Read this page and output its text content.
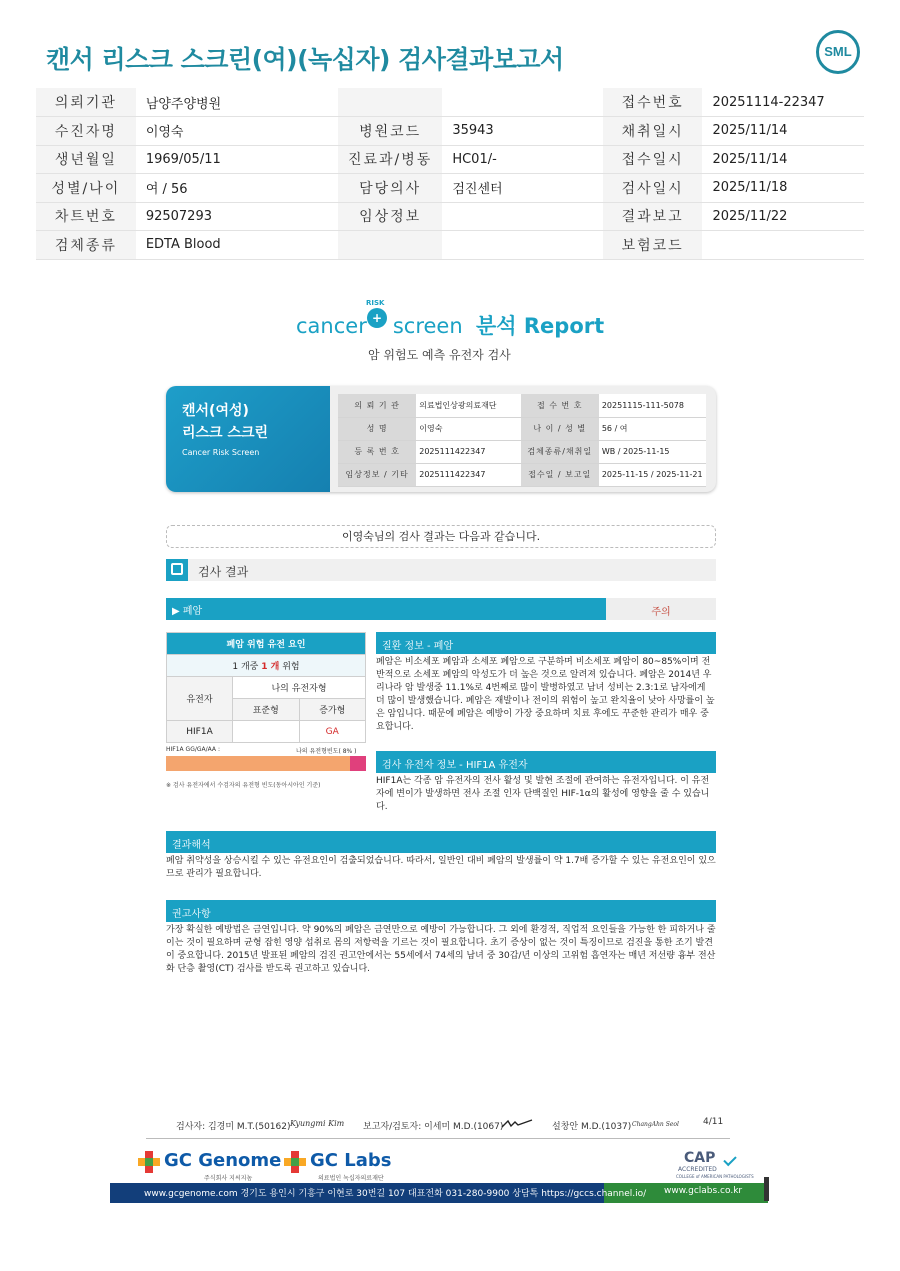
캔서 리스크 스크린(여)(녹십자) 검사결과보고서	SML
의뢰기관	남양주양병원			접수번호	20251114-22347
수진자명	이영숙	병원코드	35943	채취일시	2025/11/14
생년월일	1969/05/11	진료과/병동	HC01/-	접수일시	2025/11/14
성별/나이	여 / 56	담당의사	검진센터	검사일시	2025/11/18
차트번호	92507293	임상정보		결과보고	2025/11/22
검체종류	EDTA Blood			보험코드	
cancer screen 분석 Report
RISK
+
암 위험도 예측 유전자 검사
캔서(여성)
리스크 스크린
Cancer Risk Screen
의 뢰 기 관	의료법인상광의료재단	접 수 번 호	20251115-111-5078
성 명	이영숙	나 이 / 성 별	56 / 여
등 록 번 호	2025111422347	검체종류/채취일	WB / 2025-11-15
임상정보 / 기타	2025111422347	접수일 / 보고일	2025-11-15 / 2025-11-21
이영숙님의 검사 결과는 다음과 같습니다.
검사 결과
▶ 폐암	주의
폐암 위험 유전 요인		
1 개중 1 개 위험		
유전자	나의 유전자형	
	표준형	증가형
HIF1A		GA
HIF1A GG/GA/AA :	나의 유전형빈도( 8% )
※ 검사 유전자에서 수검자의 유전형 빈도(동아시아인 기준)
질환 정보 - 폐암
폐암은 비소세포 폐암과 소세포 폐암으로 구분하며 비소세포 폐암이 80~85%이며 전반적으로 소세포 폐암의 악성도가 더 높은 것으로 알려져 있습니다. 폐암은 2014년 우리나라 암 발생중 11.1%로 4번째로 많이 발병하였고 남녀 성비는 2.3:1로 남자에게 더 많이 발생했습니다. 폐암은 재발이나 전이의 위험이 높고 완치율이 낮아 사망률이 높은 암입니다. 때문에 폐암은 예방이 가장 중요하며 치료 후에도 꾸준한 관리가 매우 중요합니다.
검사 유전자 정보 - HIF1A 유전자
HIF1A는 각종 암 유전자의 전사 활성 및 발현 조절에 관여하는 유전자입니다. 이 유전자에 변이가 발생하면 전사 조절 인자 단백질인 HIF-1α의 활성에 영향을 줄 수 있습니다.
결과해석
폐암 취약성을 상승시킬 수 있는 유전요인이 검출되었습니다. 따라서, 일반인 대비 폐암의 발생률이 약 1.7배 증가할 수 있는 유전요인이 있으므로 관리가 필요합니다.
권고사항
가장 확실한 예방법은 금연입니다. 약 90%의 폐암은 금연만으로 예방이 가능합니다. 그 외에 환경적, 직업적 요인들을 가능한 한 피하거나 줄이는 것이 필요하며 균형 잡힌 영양 섭취로 몸의 저항력을 기르는 것이 필요합니다. 초기 증상이 없는 것이 특징이므로 검진을 통한 조기 발견이 중요합니다. 2015년 발표된 폐암의 검진 권고안에서는 55세에서 74세의 남녀 중 30갑/년 이상의 고위험 흡연자는 매년 저선량 흉부 전산화 단층 촬영(CT) 검사를 받도록 권고하고 있습니다.
검사자: 김경미 M.T.(50162) Kyungmi Kim 보고자/검토자: 이세미 M.D.(1067)	설창안 M.D.(1037) ChangAhn Seol	4/11
GC Genome
주식회사 지씨지놈
GC Labs
의료법인 녹십자의료재단
CAP
ACCREDITED
COLLEGE of AMERICAN PATHOLOGISTS
www.gcgenome.com 경기도 용인시 기흥구 이현로 30번길 107 대표전화 031-280-9900 상담톡 https://gccs.channel.io/ www.gclabs.co.kr
